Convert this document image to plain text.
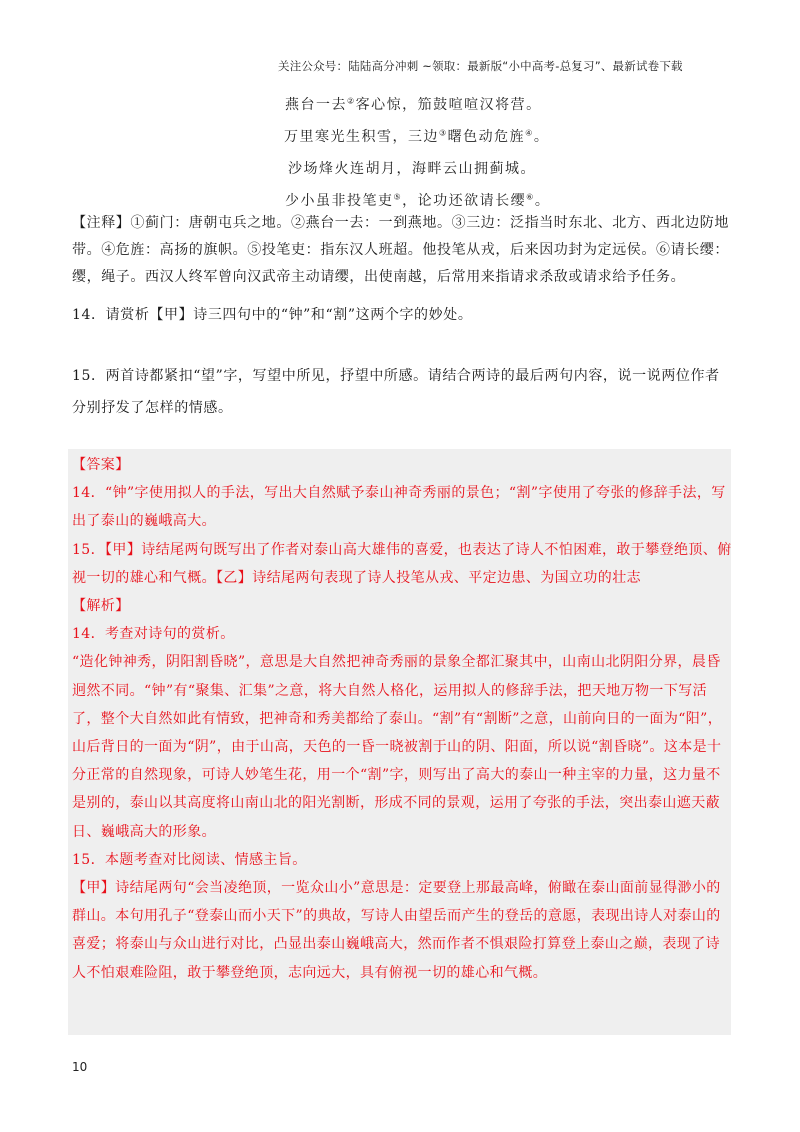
关注公众号：陆陆高分冲刺 ~领取：最新版“小中高考-总复习”、最新试卷下载
燕台一去②客心惊，笳鼓喧喧汉将营。
万里寒光生积雪，三边③曙色动危旌④。
沙场烽火连胡月，海畔云山拥蓟城。
少小虽非投笔吏⑤，论功还欲请长缨⑥。
【注释】①蓟门：唐朝屯兵之地。②燕台一去：一到燕地。③三边：泛指当时东北、北方、西北边防地带。④危旌：高扬的旗帜。⑤投笔吏：指东汉人班超。他投笔从戎，后来因功封为定远侯。⑥请长缨：缨，绳子。西汉人终军曾向汉武帝主动请缨，出使南越，后常用来指请求杀敌或请求给予任务。
14．请赏析【甲】诗三四句中的“钟”和“割”这两个字的妙处。
15．两首诗都紧扣“望”字，写望中所见，抒望中所感。请结合两诗的最后两句内容，说一说两位作者分别抒发了怎样的情感。

【答案】

14．“钟”字使用拟人的手法，写出大自然赋予泰山神奇秀丽的景色；“割”字使用了夸张的修辞手法，写出了泰山的巍峨高大。

15．【甲】诗结尾两句既写出了作者对泰山高大雄伟的喜爱，也表达了诗人不怕困难，敢于攀登绝顶、俯视一切的雄心和气概。【乙】诗结尾两句表现了诗人投笔从戎、平定边患、为国立功的壮志

【解析】

14．考查对诗句的赏析。

“造化钟神秀，阴阳割昏晓”，意思是大自然把神奇秀丽的景象全都汇聚其中，山南山北阴阳分界，晨昏迥然不同。“钟”有“聚集、汇集”之意，将大自然人格化，运用拟人的修辞手法，把天地万物一下写活了，整个大自然如此有情致，把神奇和秀美都给了泰山。“割”有“割断”之意，山前向日的一面为“阳”，山后背日的一面为“阴”，由于山高，天色的一昏一晓被割于山的阴、阳面，所以说“割昏晓”。这本是十分正常的自然现象，可诗人妙笔生花，用一个“割”字，则写出了高大的泰山一种主宰的力量，这力量不是别的，泰山以其高度将山南山北的阳光割断，形成不同的景观，运用了夸张的手法，突出泰山遮天蔽日、巍峨高大的形象。

15．本题考查对比阅读、情感主旨。

【甲】诗结尾两句“会当凌绝顶，一览众山小”意思是：定要登上那最高峰，俯瞰在泰山面前显得渺小的群山。本句用孔子“登泰山而小天下”的典故，写诗人由望岳而产生的登岳的意愿，表现出诗人对泰山的喜爱；将泰山与众山进行对比，凸显出泰山巍峨高大，然而作者不惧艰险打算登上泰山之巅，表现了诗人不怕艰难险阻，敢于攀登绝顶，志向远大，具有俯视一切的雄心和气概。

10
